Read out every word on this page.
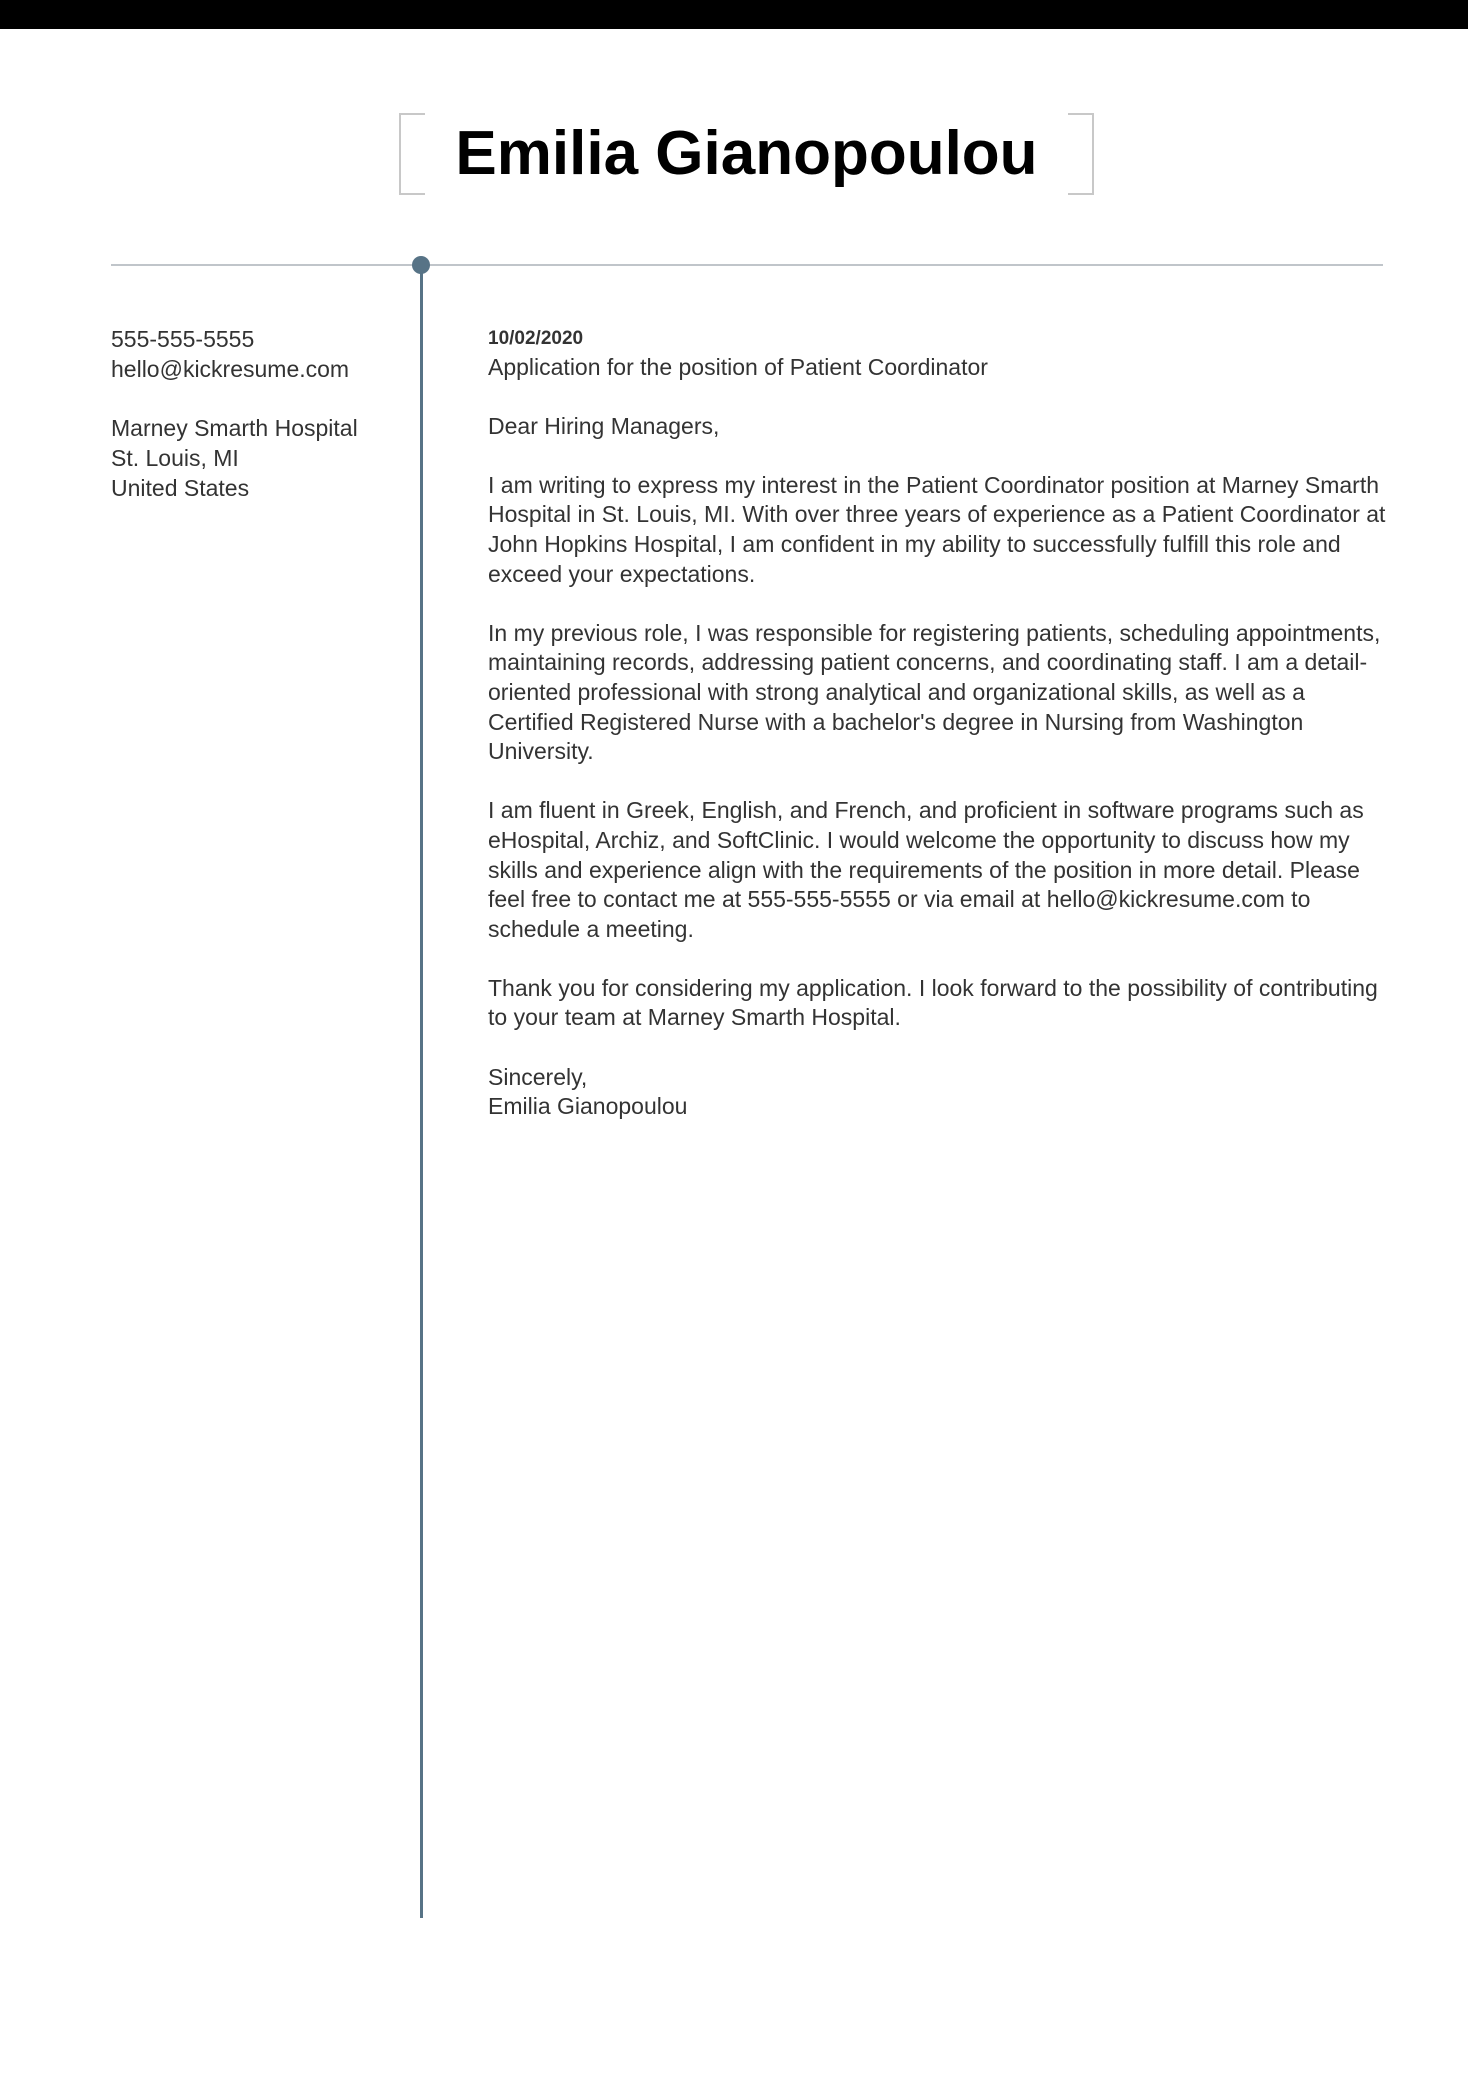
Emilia Gianopoulou
555-555-5555
hello@kickresume.com
Marney Smarth Hospital
St. Louis, MI
United States
10/02/2020
Application for the position of Patient Coordinator

Dear Hiring Managers,

I am writing to express my interest in the Patient Coordinator position at Marney Smarth Hospital in St. Louis, MI. With over three years of experience as a Patient Coordinator at John Hopkins Hospital, I am confident in my ability to successfully fulfill this role and exceed your expectations.

In my previous role, I was responsible for registering patients, scheduling appointments, maintaining records, addressing patient concerns, and coordinating staff. I am a detail-oriented professional with strong analytical and organizational skills, as well as a Certified Registered Nurse with a bachelor's degree in Nursing from Washington University.

I am fluent in Greek, English, and French, and proficient in software programs such as eHospital, Archiz, and SoftClinic. I would welcome the opportunity to discuss how my skills and experience align with the requirements of the position in more detail. Please feel free to contact me at 555-555-5555 or via email at hello@kickresume.com to schedule a meeting.

Thank you for considering my application. I look forward to the possibility of contributing to your team at Marney Smarth Hospital.

Sincerely,
Emilia Gianopoulou
